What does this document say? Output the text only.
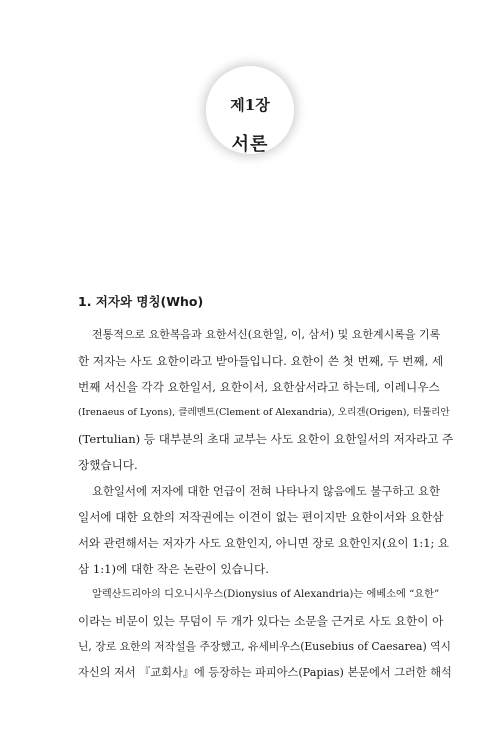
제1장
서론
1. 저자와 명칭(Who)

전통적으로 요한복음과 요한서신(요한일, 이, 삼서) 및 요한계시록을 기록
한 저자는 사도 요한이라고 받아들입니다. 요한이 쓴 첫 번째, 두 번째, 세
번째 서신을 각각 요한일서, 요한이서, 요한삼서라고 하는데, 이레니우스
(Irenaeus of Lyons), 클레멘트(Clement of Alexandria), 오리겐(Origen), 터툴리안
(Tertulian) 등 대부분의 초대 교부는 사도 요한이 요한일서의 저자라고 주
장했습니다.

요한일서에 저자에 대한 언급이 전혀 나타나지 않음에도 불구하고 요한
일서에 대한 요한의 저작권에는 이견이 없는 편이지만 요한이서와 요한삼
서와 관련해서는 저자가 사도 요한인지, 아니면 장로 요한인지(요이 1:1; 요
삼 1:1)에 대한 작은 논란이 있습니다.

알렉산드리아의 디오니시우스(Dionysius of Alexandria)는 에베소에 “요한”
이라는 비문이 있는 무덤이 두 개가 있다는 소문을 근거로 사도 요한이 아
닌, 장로 요한의 저작설을 주장했고, 유세비우스(Eusebius of Caesarea) 역시
자신의 저서 『교회사』에 등장하는 파피아스(Papias) 본문에서 그러한 해석
